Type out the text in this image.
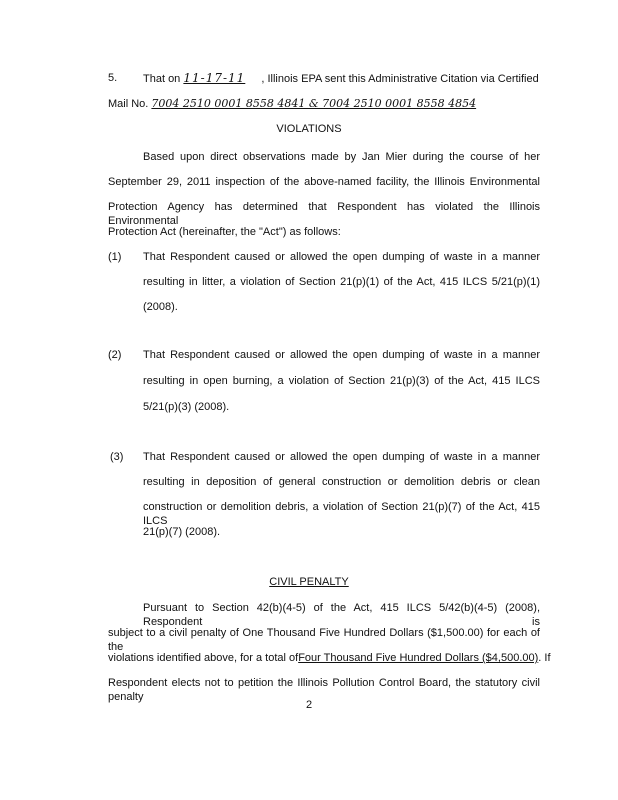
5. That on 11-17-11 , Illinois EPA sent this Administrative Citation via Certified
Mail No. 7004 2510 0001 8558 4841 & 7004 2510 0001 8558 4854
VIOLATIONS
Based upon direct observations made by Jan Mier during the course of her
September 29, 2011 inspection of the above-named facility, the Illinois Environmental
Protection Agency has determined that Respondent has violated the Illinois Environmental
Protection Act (hereinafter, the "Act") as follows:
(1) That Respondent caused or allowed the open dumping of waste in a manner
resulting in litter, a violation of Section 21(p)(1) of the Act, 415 ILCS 5/21(p)(1)
(2008).
(2) That Respondent caused or allowed the open dumping of waste in a manner
resulting in open burning, a violation of Section 21(p)(3) of the Act, 415 ILCS
5/21(p)(3) (2008).
(3) That Respondent caused or allowed the open dumping of waste in a manner
resulting in deposition of general construction or demolition debris or clean
construction or demolition debris, a violation of Section 21(p)(7) of the Act, 415 ILCS
21(p)(7) (2008).
CIVIL PENALTY
Pursuant to Section 42(b)(4-5) of the Act, 415 ILCS 5/42(b)(4-5) (2008), Respondent is
subject to a civil penalty of One Thousand Five Hundred Dollars ($1,500.00) for each of the
violations identified above, for a total of Four Thousand Five Hundred Dollars ($4,500.00) . If
Respondent elects not to petition the Illinois Pollution Control Board, the statutory civil penalty
2
